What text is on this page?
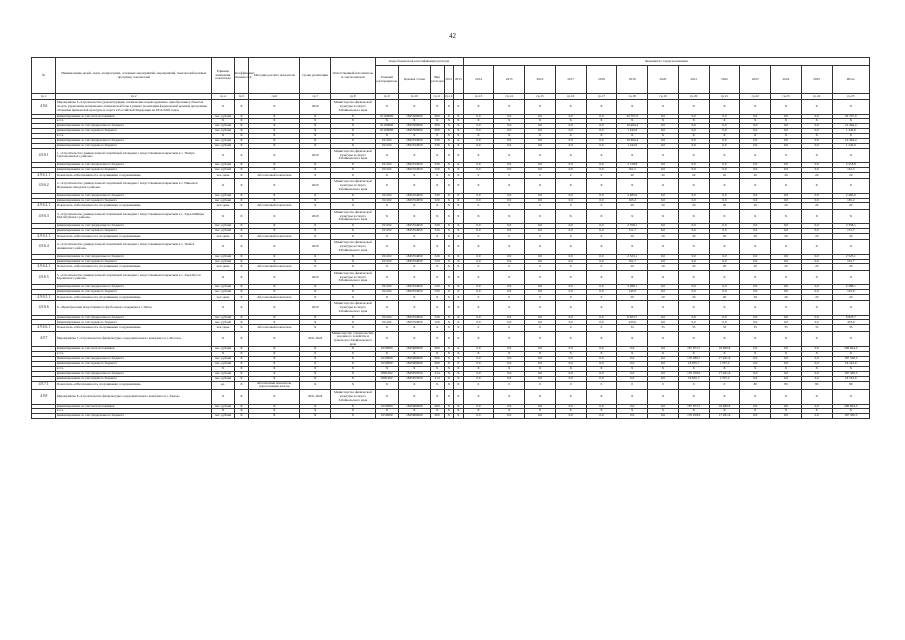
42
№	Наименование целей, задач, подпрограмм, основных мероприятий, мероприятий, показателей целевых программ, показателей	Единица измерения показателя	Коэффициент значимости	Методика расчёта показателя	Сроки реализации	Ответственный исполнитель и соисполнители	Коды бюджетной классификации расходов					Значения по годам реализации												
							Главный распорядитель	Целевая статья	Вид расходов	2012	2013	2014	2015	2016	2017	2018	2019	2020	2021	2022	2023	2024	2025	Итого
гр.1	гр.2	гр.4	гр.5	гр.6	гр.7	гр.8	гр.9	гр.10	гр.11	гр.12		гр.13	гр.14	гр.15	гр.16	гр.17	гр.18	гр.19	гр.20	гр.21	гр.22	гр.23	гр.24	гр.25
4.9.6	Мероприятие 6 «Строительство (реконструкция, технические перевооружение, приобретение) объектов спорта, укрепление материально-технической базы в рамках реализации федеральной целевой программы «Развитие физической культуры и спорта в Российской Федерации на 2016-2020 годы»	X	X	X	2020	Министерство физической культуры и спорта Забайкальского края	X	X	X	X	X	X	X	X	X	X	X	X	X	X	X	X	X	X
	финансирование за счет всех источников	тыс. рублей	X	X	X	X	01100000	1845500000	000	X	X	0,0	0,0	0,0	0,0	0,0	20 707,0	0,0	0,0	0,0	0,0	0,0	0,0	20 707,0
	в т.ч.	X	X	X	X	X	X	X	X	X	X	X	X	X	X	X	X	X	X	X	X	X	X	X
	финансирование за счет федерального бюджета	тыс. рублей	X	X	X	X	01100000	1845500000	000	X	X	0,0	0,0	0,0	0,0	0,0	19 464,4	0,0	0,0	0,0	0,0	0,0	0,0	19 464,4
	финансирование за счет краевого бюджета	тыс. рублей	X	X	X	X	01100000	1845500000	000	X	X	0,0	0,0	0,0	0,0	0,0	1 242,6	0,0	0,0	0,0	0,0	0,0	0,0	1 242,6
	в т.ч.	X	X	X	X	X	X	X	X	X	X	X	X	X	X	X	X	X	X	X	X	X	X	X
	финансирование за счет федерального бюджета	тыс. рублей	X	X	X	X	011102	1845554950	520	X	X	0,0	0,0	0,0	0,0	0,0	19 464,4	0,0	0,0	0,0	0,0	0,0	0,0	19 464,4
	финансирование за счет краевого бюджета	тыс. рублей	X	X	X	X	011102	1845554950	520	X	X	0,0	0,0	0,0	0,0	0,0	1 242,6	0,0	0,0	0,0	0,0	0,0	0,0	1 242,6
4.9.6.1	1. «Строительство универсальной спортивной площадки с искусственным покрытием в с. Ушмун Тунгокоченского района»	X	X	X	2020	Министерство физической культуры и спорта Забайкальского края	X	X	X	X	X	X	X	X	X	X	X	X	X	X	X	X	X	X
	финансирование за счет федерального бюджета	тыс. рублей	X	X	X	X	011102	1845554950	520	X	X	0,0	0,0	0,0	0,0	0,0	2 518,8	0,0	0,0	0,0	0,0	0,0	0,0	2 518,8
	финансирование за счет краевого бюджета	тыс. рублей	X	X	X	X	011102	1845554950	520	X	X	0,0	0,0	0,0	0,0	0,0	161,5	0,0	0,0	0,0	0,0	0,0	0,0	161,5
4.9.6.1.1	Показатель «Обеспеченность спортивными сооружениями»	чел./день	X	Абсолютный показатель	X	X	X	X	X	X	X	0	0	0	0	0	20	20	20	20	20	20	20	20
4.9.6.2	2. «Строительство универсальной спортивной площадки с искусственным покрытием в с. Никольск Нерчинско-Заводского района»	X	X	X	2020	Министерство физической культуры и спорта Забайкальского края	X	X	X	X	X	X	X	X	X	X	X	X	X	X	X	X	X	X
	финансирование за счет федерального бюджета	тыс. рублей	X	X	X	X	011102	1845554950	520	X	X	0,0	0,0	0,0	0,0	0,0	2 485,6	0,0	0,0	0,0	0,0	0,0	0,0	2 485,6
	финансирование за счет краевого бюджета	тыс. рублей	X	X	X	X	011102	1845554950	520	X	X	0,0	0,0	0,0	0,0	0,0	165,2	0,0	0,0	0,0	0,0	0,0	0,0	165,2
4.9.6.2.1	Показатель «Обеспеченность спортивными сооружениями»	чел./день	X	Абсолютный показатель	X	X	X	X	X	X	X	0	0	0	0	0	20	20	20	20	20	20	20	20
4.9.6.3	3. «Строительство универсальной спортивной площадки с искусственным покрытием в с. Хара-Шибирь Могойтуйского района»	X	X	X	2020	Министерство физической культуры и спорта Забайкальского края	X	X	X	X	X	X	X	X	X	X	X	X	X	X	X	X	X	X
	финансирование за счет федерального бюджета	тыс. рублей	X	X	X	X	011102	1845554950	520	X	X	0,0	0,0	0,0	0,0	0,0	2 358,1	0,0	0,0	0,0	0,0	0,0	0,0	2 358,1
	финансирование за счет краевого бюджета	тыс. рублей	X	X	X	X	011102	1845554950	520	X	X	0,0	0,0	0,0	0,0	0,0	151,7	0,0	0,0	0,0	0,0	0,0	0,0	151,7
4.9.6.3.1	Показатель «Обеспеченность спортивными сооружениями»	чел./день	X	Абсолютный показатель	X	X	X	X	X	X	X	0	0	0	0	0	20	20	20	20	20	20	20	20
4.9.6.4	4. «Строительство универсальной спортивной площадки с искусственным покрытием в с. Урейск Акшинского района»	X	X	X	2020	Министерство физической культуры и спорта Забайкальского края	X	X	X	X	X	X	X	X	X	X	X	X	X	X	X	X	X	X
	финансирование за счет федерального бюджета	тыс. рублей	X	X	X	X	011102	1845554950	520	X	X	0,0	0,0	0,0	0,0	0,0	2 523,1	0,0	0,0	0,0	0,0	0,0	0,0	2 523,1
	финансирование за счет краевого бюджета	тыс. рублей	X	X	X	X	011102	1845554950	520	X	X	0,0	0,0	0,0	0,0	0,0	161,7	0,0	0,0	0,0	0,0	0,0	0,0	161,7
4.9.6.4.1	Показатель «Обеспеченность спортивными сооружениями»	чел./день	X	Абсолютный показатель	X	X	X	X	X	X	X	0	0	0	0	0	20	20	20	20	20	20	20	20
4.9.6.5	5. «Строительство универсальной спортивной площадки с искусственным покрытием в с. Хара-Бутэн Борзинского района»	X	X	X	2020	Министерство физической культуры и спорта Забайкальского края	X	X	X	X	X	X	X	X	X	X	X	X	X	X	X	X	X	X
	финансирование за счет федерального бюджета	тыс. рублей	X	X	X	X	011102	1845554950	520	X	X	0,0	0,0	0,0	0,0	0,0	2 288,1	0,0	0,0	0,0	0,0	0,0	0,0	2 288,1
	финансирование за счет краевого бюджета	тыс. рублей	X	X	X	X	011102	1845554950	520	X	X	0,0	0,0	0,0	0,0	0,0	143,9	0,0	0,0	0,0	0,0	0,0	0,0	143,9
4.9.6.5.1	Показатель «Обеспеченность спортивными сооружениями»	чел./день	X	Абсолютный показатель	X	X	X	X	X	X	X	0	0	0	0	0	20	20	20	20	20	20	20	20
4.9.6.6	6. «Приобретение искусственного футбольного покрытия в г. Чита»	X	X	X	2020	Министерство физической культуры и спорта Забайкальского края	X	X	X	X	X	X	X	X	X	X	X	X	X	X	X	X	X	X
	финансирование за счет федерального бюджета	тыс. рублей	X	X	X	X	011102	1845554950	520	X	X	0,0	0,0	0,0	0,0	0,0	6 823,7	0,0	0,0	0,0	0,0	0,0	0,0	6 823,7
	финансирование за счет краевого бюджета	тыс. рублей	X	X	X	X	011102	1845554950	520	X	X	0,0	0,0	0,0	0,0	0,0	433,6	0,0	0,0	0,0	0,0	0,0	0,0	433,6
4.9.6.6.1	Показатель «Обеспеченность спортивными сооружениями»	чел./день	X	Абсолютный показатель	X	X	X	X	X	X	X	0	0	0	0	0	35	35	35	35	35	35	35	35
4.9.7	Мероприятие 7 «Строительство физкультурно-оздоровительного комплекса в г. Могоча»	X	X	X	2021-2024	Министерство строительства, дорожного хозяйства и транспорта Забайкальского края	X	X	X	X	X	X	X	X	X	X	X	X	X	X	X	X	X	X
	финансирование за счет всех источников	тыс. рублей	X	X	X	X	0150000	1845900000	000	X	X	0,0	0,0	0,0	0,0	0,0	0,0	0,0	187 875,5	18 969,8	0,0	0,0	0,0	206 844,3
	в т.ч.	X	X	X	X	X	X	X	X	X	X	X	X	X	X	X	X	X	X	X	X	X	X	X
	финансирование за счет федерального бюджета	тыс. рублей	X	X	X	X	0150000	1845900000	000	X	X	0,0	0,0	0,0	0,0	0,0	0,0	0,0	170 286,7	17 261,6	0,0	0,0	0,0	187 548,3
	финансирование за счет краевого бюджета	тыс. рублей	X	X	X	X	0150000	1845900000	000	X	X	0,0	0,0	0,0	0,0	0,0	0,0	0,0	16 835,7	1 707,2	0,0	0,0	0,0	18 543,0
	в т.ч.	X	X	X	X	X	X	X	X	X	X	X	X	X	X	X	X	X	X	X	X	X	X	X
	финансирование за счет федерального бюджета	тыс. рублей	X	X	X	X	0581202	1845955950	414	X	X	0,0	0,0	0,0	0,0	0,0	0,0	0,0	170 258,9	17 261,6	0,0	0,0	0,0	187 500,5
	финансирование за счет краевого бюджета	тыс. рублей	X	X	X	X	0581202	1845955950	414	X	X	0,0	0,0	0,0	0,0	0,0	0,0	0,0	16 835,7	1 707,2	0,0	0,0	0,0	18 543,0
4.9.7.1	Показатель «Обеспеченность спортивными сооружениями»	ед.	X	Абсолютный показатель, нарастающим итогом	X	X	X	X	X	X	X	0	0	0	0	0	0	0	0	0	80	80	80	80
4.9.8	Мероприятие 8 «Строительство физкультурно-оздоровительного комплекса в г. Хилок»	X	X	X	2021-2024	Министерство физической культуры и спорта Забайкальского края	X	X	X	X	X	X	X	X	X	X	X	X	X	X	X	X	X	X
	финансирование за счет всех источников	тыс. рублей	X	X	X	X	0150000	1845900000	000	X	X	0,0	0,0	0,0	0,0	0,0	0,0	0,0	187 875,5	18 969,8	0,0	0,0	0,0	206 844,3
	в т.ч.	X	X	X	X	X	X	X	X	X	X	X	X	X	X	X	X	X	X	X	X	X	X	X
	финансирование за счет федерального бюджета	тыс. рублей	X	X	X	X	0150000	1845900000	000	X	X	0,0	0,0	0,0	0,0	0,0	0,0	0,0	170 258,9	17 261,6	0,0	0,0	0,0	187 500,5
